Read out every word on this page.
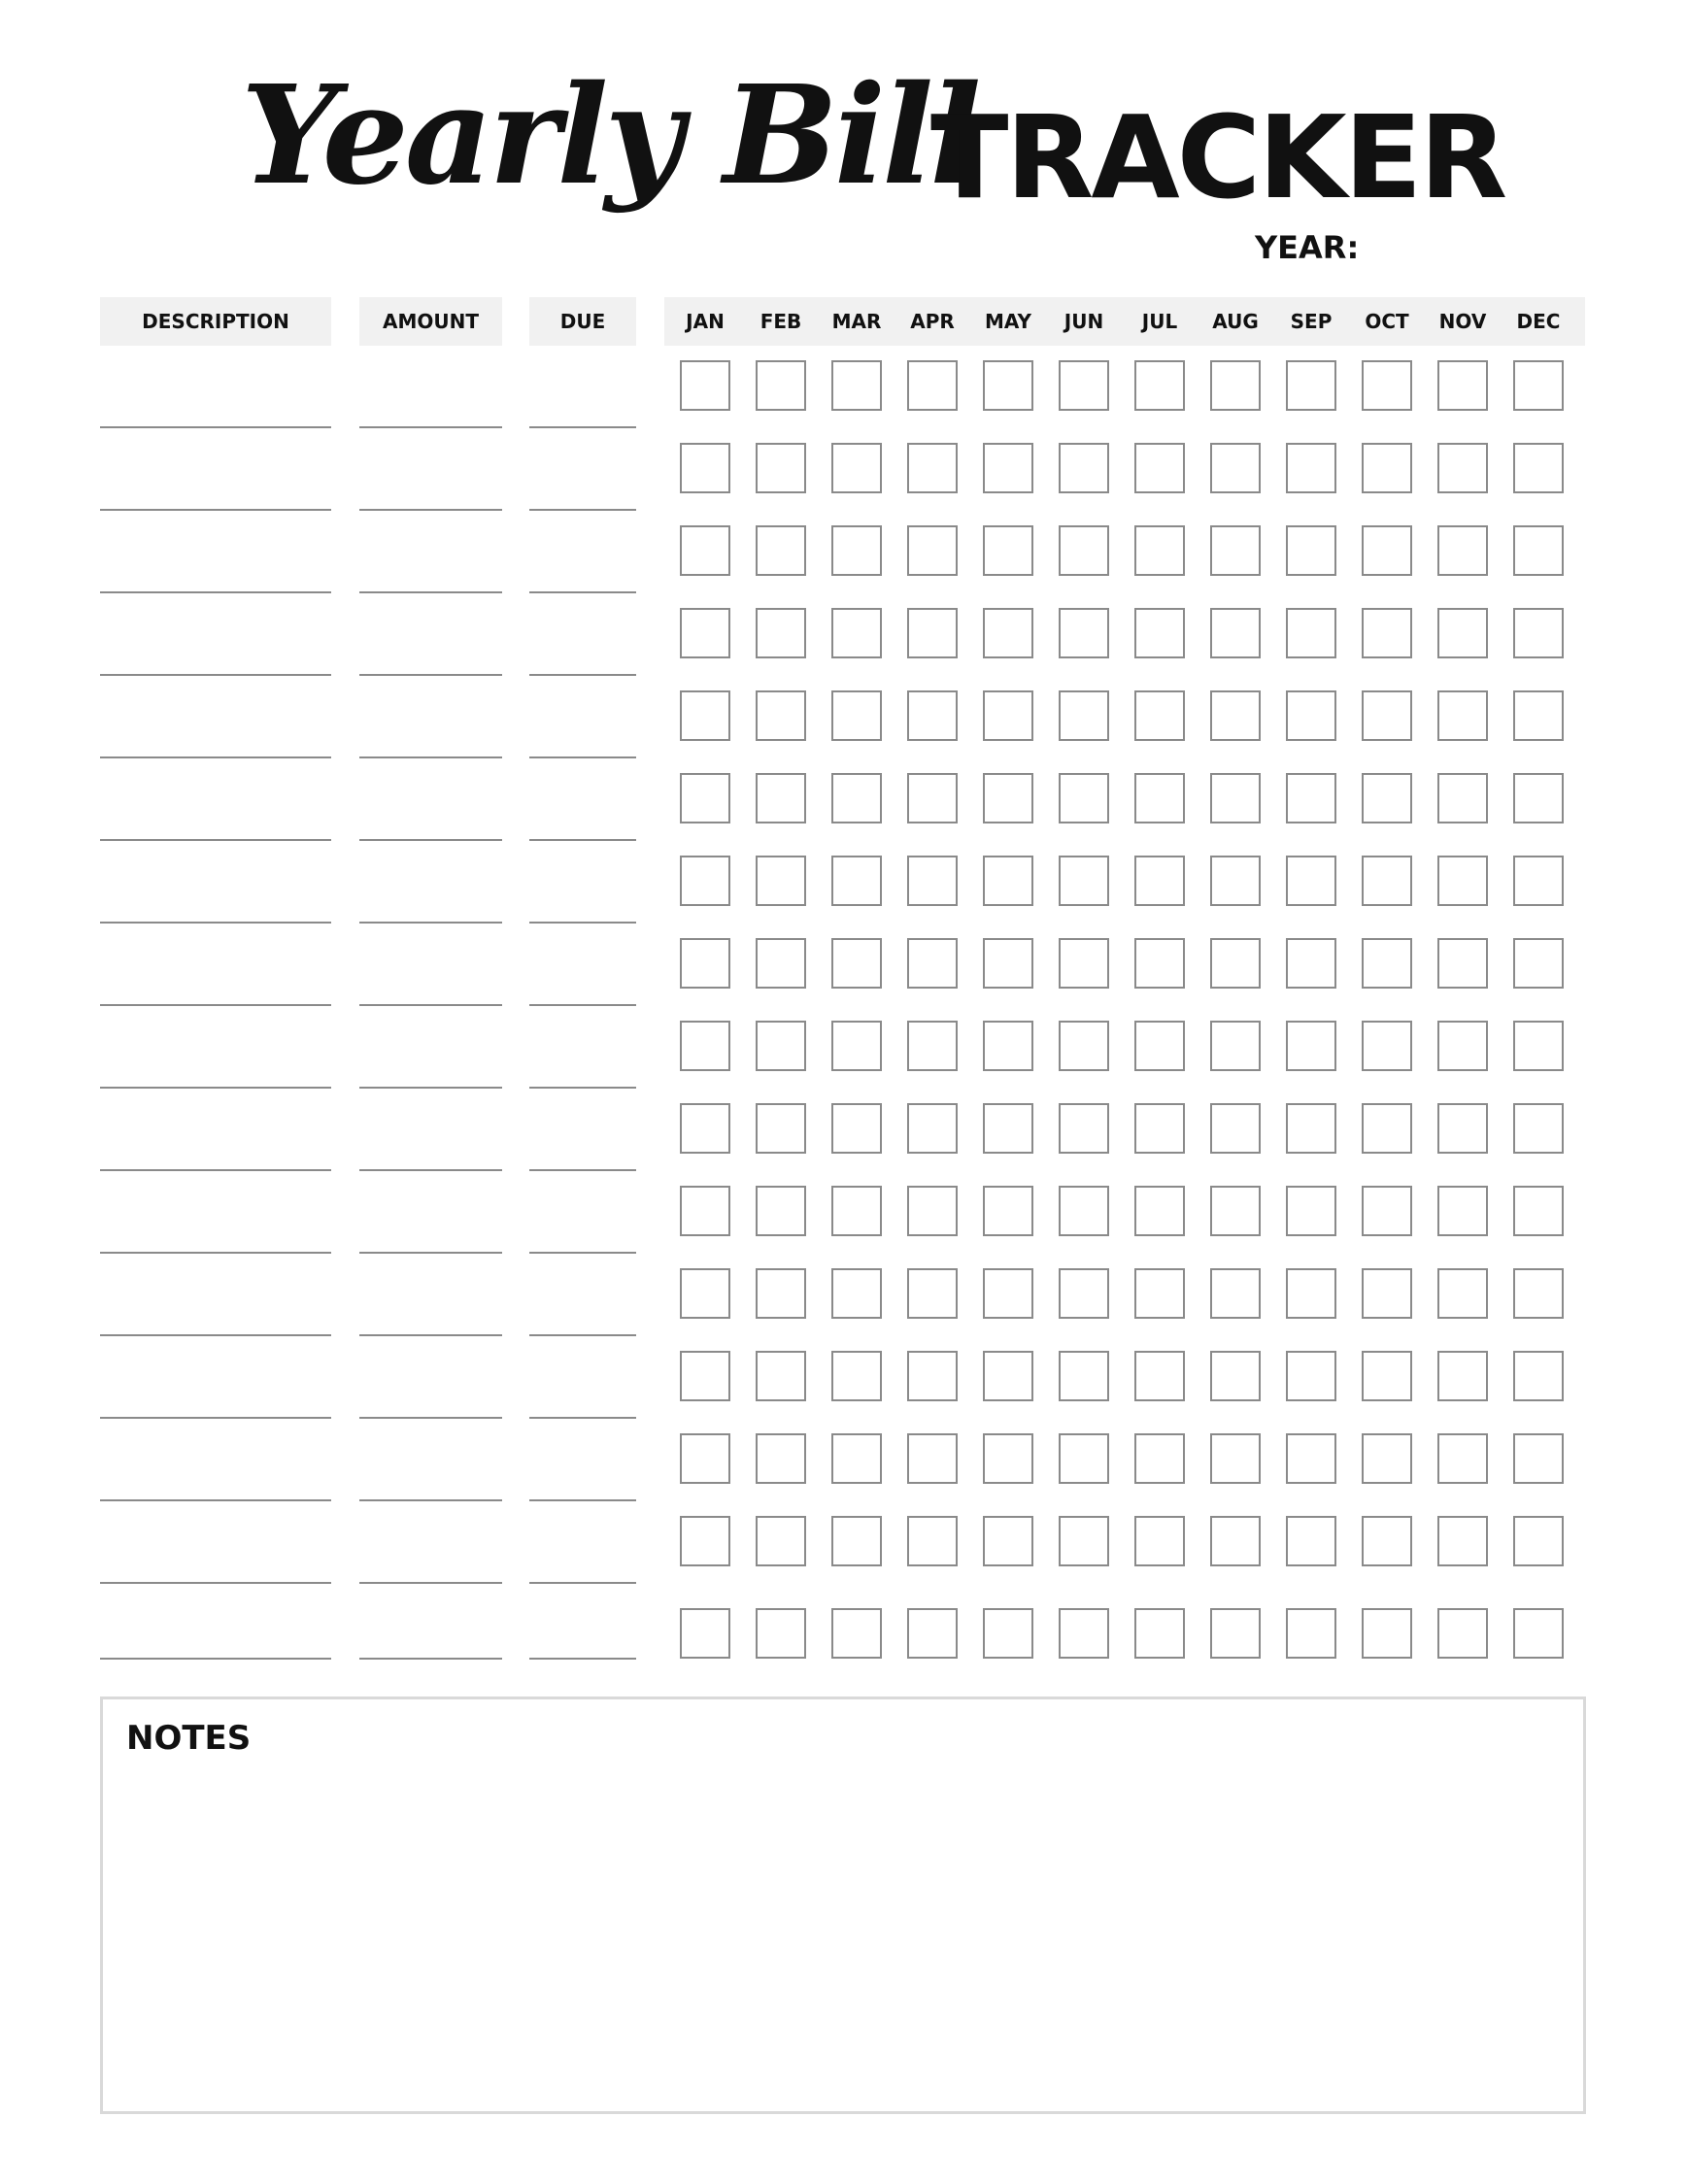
Yearly Bill
TRACKER
YEAR:
DESCRIPTION	AMOUNT	DUE	JAN	FEB	MAR	APR	MAY	JUN	JUL	AUG	SEP	OCT	NOV	DEC
NOTES
